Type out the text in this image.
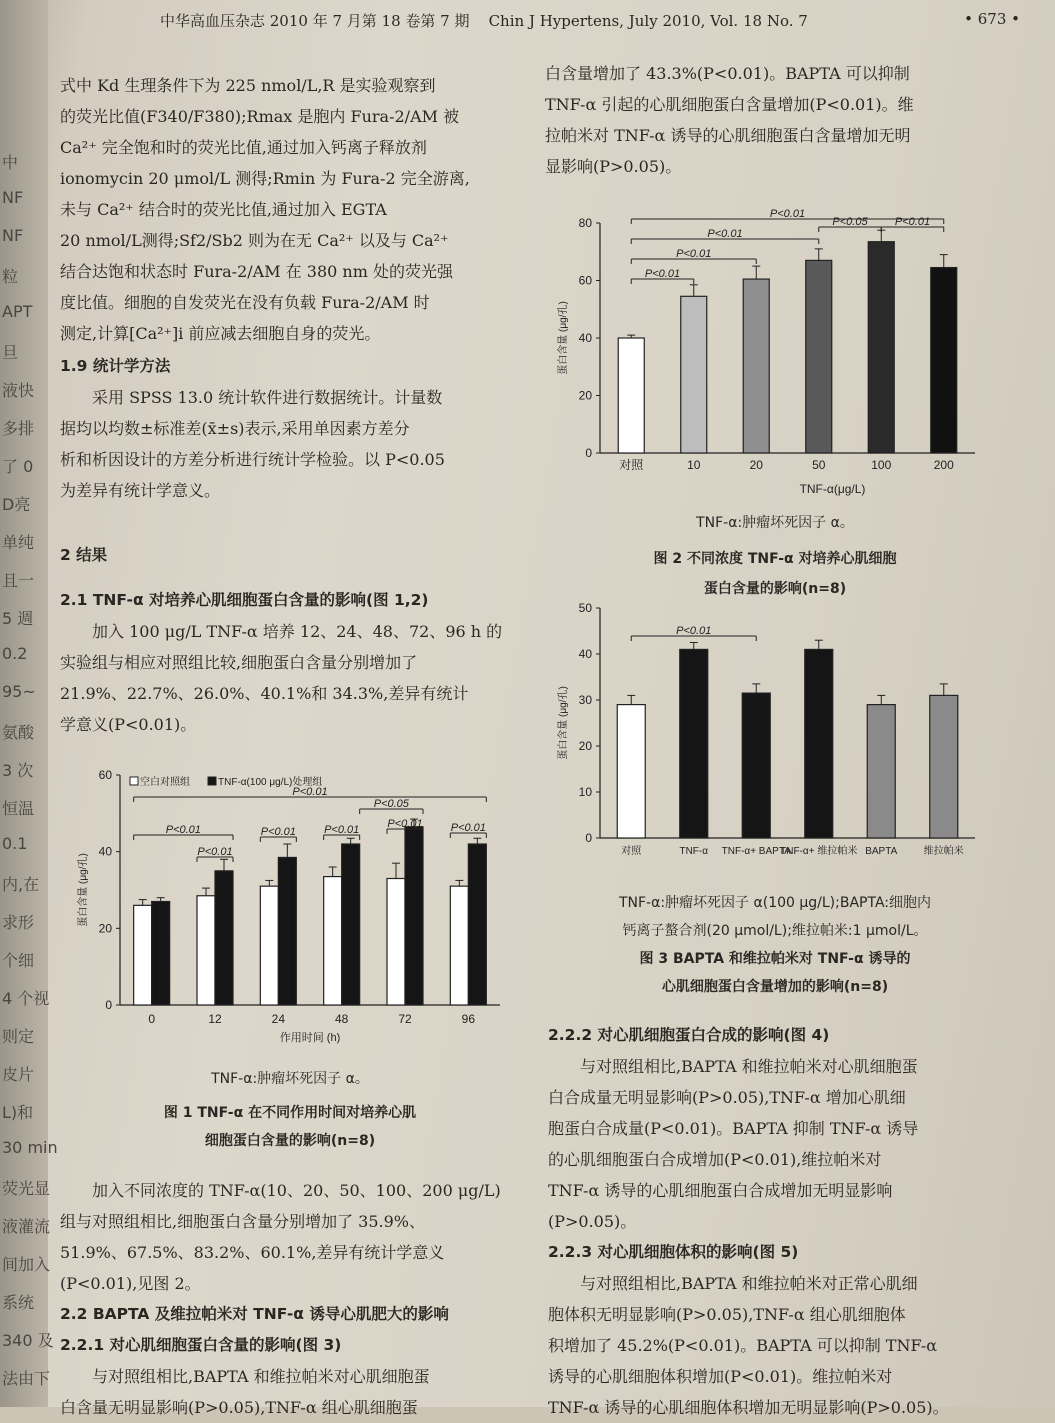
中
NF
NF
粒
APT
旦
液快
多排
了 0
D亮
单纯
且一
5 週
0.2
95~
氨酸
3 次
恒温
0.1
内,在
求形
个细
4 个视
则定
皮片
L)和
30 min
荧光显
液灌流
间加入
系统
340 及
法由下
中华高血压杂志 2010 年 7 月第 18 卷第 7 期 Chin J Hypertens, July 2010, Vol. 18 No. 7	• 673 •

式中 Kd 生理条件下为 225 nmol/L,R 是实验观察到

的荧光比值(F340/F380);Rmax 是胞内 Fura-2/AM 被

Ca²⁺ 完全饱和时的荧光比值,通过加入钙离子释放剂

ionomycin 20 μmol/L 测得;Rmin 为 Fura-2 完全游离,

未与 Ca²⁺ 结合时的荧光比值,通过加入 EGTA

20 nmol/L测得;Sf2/Sb2 则为在无 Ca²⁺ 以及与 Ca²⁺

结合达饱和状态时 Fura-2/AM 在 380 nm 处的荧光强

度比值。细胞的自发荧光在没有负载 Fura-2/AM 时

测定,计算[Ca²⁺]i 前应减去细胞自身的荧光。

1.9 统计学方法

采用 SPSS 13.0 统计软件进行数据统计。计量数

据均以均数±标准差(x̄±s)表示,采用单因素方差分

析和析因设计的方差分析进行统计学检验。以 P<0.05

为差异有统计学意义。

2 结果

2.1 TNF-α 对培养心肌细胞蛋白含量的影响(图 1,2)

加入 100 μg/L TNF-α 培养 12、24、48、72、96 h 的

实验组与相应对照组比较,细胞蛋白含量分别增加了

21.9%、22.7%、26.0%、40.1%和 34.3%,差异有统计

学意义(P<0.01)。

0
20
40
60
蛋白含量 (μg/孔)
0	12	24	48	72	96
作用时间 (h)
空白对照组	TNF-α(100 μg/L)处理组
P<0.01
P<0.01
P<0.01
P<0.01	P<0.01
P<0.05
P<0.01	P<0.01
TNF-α:肿瘤坏死因子 α。
图 1 TNF-α 在不同作用时间对培养心肌
细胞蛋白含量的影响(n=8)

加入不同浓度的 TNF-α(10、20、50、100、200 μg/L)

组与对照组相比,细胞蛋白含量分别增加了 35.9%、

51.9%、67.5%、83.2%、60.1%,差异有统计学意义

(P<0.01),见图 2。

2.2 BAPTA 及维拉帕米对 TNF-α 诱导心肌肥大的影响

2.2.1 对心肌细胞蛋白含量的影响(图 3)

与对照组相比,BAPTA 和维拉帕米对心肌细胞蛋

白含量无明显影响(P>0.05),TNF-α 组心肌细胞蛋

白含量增加了 43.3%(P<0.01)。BAPTA 可以抑制

TNF-α 引起的心肌细胞蛋白含量增加(P<0.01)。维

拉帕米对 TNF-α 诱导的心肌细胞蛋白含量增加无明

显影响(P>0.05)。

0
20
40
60
80
蛋白含量 (μg/孔)
对照	10	20	50	100	200
TNF-α(μg/L)
P<0.01
P<0.01
P<0.01
P<0.01
P<0.05 P<0.01
TNF-α:肿瘤坏死因子 α。
图 2 不同浓度 TNF-α 对培养心肌细胞
蛋白含量的影响(n=8)
0
10
20
30
40
50
蛋白含量 (μg/孔)
对照	TNF-α TNF-α+ BAPTA
TNF-α+ 维拉帕米 BAPTA	维拉帕米
P<0.01
TNF-α:肿瘤坏死因子 α(100 μg/L);BAPTA:细胞内
钙离子螯合剂(20 μmol/L);维拉帕米:1 μmol/L。
图 3 BAPTA 和维拉帕米对 TNF-α 诱导的
心肌细胞蛋白含量增加的影响(n=8)

2.2.2 对心肌细胞蛋白合成的影响(图 4)

与对照组相比,BAPTA 和维拉帕米对心肌细胞蛋

白合成量无明显影响(P>0.05),TNF-α 增加心肌细

胞蛋白合成量(P<0.01)。BAPTA 抑制 TNF-α 诱导

的心肌细胞蛋白合成增加(P<0.01),维拉帕米对

TNF-α 诱导的心肌细胞蛋白合成增加无明显影响

(P>0.05)。

2.2.3 对心肌细胞体积的影响(图 5)

与对照组相比,BAPTA 和维拉帕米对正常心肌细

胞体积无明显影响(P>0.05),TNF-α 组心肌细胞体

积增加了 45.2%(P<0.01)。BAPTA 可以抑制 TNF-α

诱导的心肌细胞体积增加(P<0.01)。维拉帕米对

TNF-α 诱导的心肌细胞体积增加无明显影响(P>0.05)。
